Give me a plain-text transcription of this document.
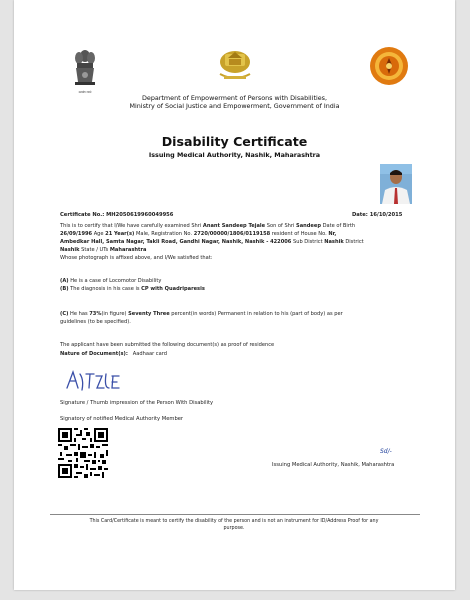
सत्यमेव जयते
Department of Empowerment of Persons with Disabilities,
Ministry of Social Justice and Empowerment, Government of India
Disability Certificate
Issuing Medical Authority, Nashik, Maharashtra
Certificate No.: MH2050619960049956	Date: 16/10/2015
This is to certify that I/We have carefully examined Shri Anant Sandeep Tejale Son of Shri Sandeep Date of Birth
26/09/1996 Age 21 Year(s) Male, Registration No. 2720/00000/1806/0119158 resident of House No. Nr,
Ambedkar Hall, Samta Nagar, Takli Road, Gandhi Nagar, Nashik, Nashik - 422006 Sub District Nashik District
Nashik State / UTs Maharashtra
Whose photograph is affixed above, and I/We satisfied that:
(A) He is a case of Locomotor Disability
(B) The diagnosis in his case is CP with Quadriparesis
(C) He has 73%(in figure) Seventy Three percent(in words) Permanent in relation to his (part of body) as per
guidelines (to be specified).
The applicant have been submitted the following document(s) as proof of residence
Nature of Document(s): Aadhaar card
Signature / Thumb impression of the Person With Disability
Signatory of notified Medical Authority Member
Sd/-
Issuing Medical Authority, Nashik, Maharashtra
This Card/Certificate is meant to certify the disability of the person and is not an instrument for ID/Address Proof for any
purpose.
